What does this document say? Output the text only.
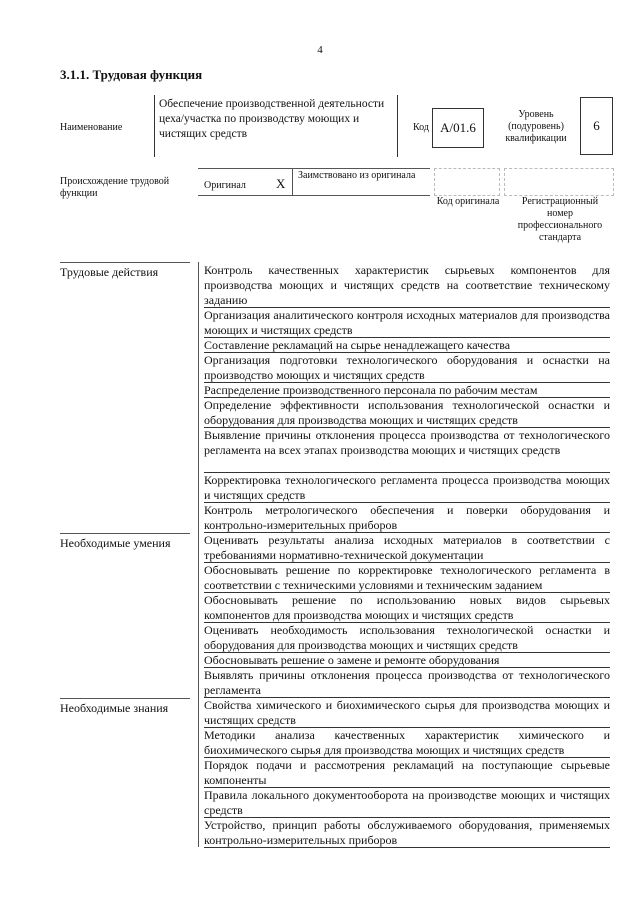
4
3.1.1. Трудовая функция
Наименование
Обеспечение производственной деятельности цеха/участка по производству моющих и чистящих средств
Код А/01.6
Уровень (подуровень) квалификации
6
Происхождение трудовой функции
Оригинал X
Заимствовано из оригинала
Код оригинала	Регистрационный номер профессионального стандарта
Трудовые действия	Контроль качественных характеристик сырьевых компонентов для производства моющих и чистящих средств на соответствие техническому заданию
Организация аналитического контроля исходных материалов для производства моющих и чистящих средств
Составление рекламаций на сырье ненадлежащего качества
Организация подготовки технологического оборудования и оснастки на производство моющих и чистящих средств
Распределение производственного персонала по рабочим местам
Определение эффективности использования технологической оснастки и оборудования для производства моющих и чистящих средств
Выявление причины отклонения процесса производства от технологического регламента на всех этапах производства моющих и чистящих средств
Корректировка технологического регламента процесса производства моющих и чистящих средств
Контроль метрологического обеспечения и поверки оборудования и контрольно-измерительных приборов
Необходимые умения	Оценивать результаты анализа исходных материалов в соответствии с требованиями нормативно-технической документации
Обосновывать решение по корректировке технологического регламента в соответствии с техническими условиями и техническим заданием
Обосновывать решение по использованию новых видов сырьевых компонентов для производства моющих и чистящих средств
Оценивать необходимость использования технологической оснастки и оборудования для производства моющих и чистящих средств
Обосновывать решение о замене и ремонте оборудования
Выявлять причины отклонения процесса производства от технологического регламента
Необходимые знания	Свойства химического и биохимического сырья для производства моющих и чистящих средств
Методики анализа качественных характеристик химического и биохимического сырья для производства моющих и чистящих средств
Порядок подачи и рассмотрения рекламаций на поступающие сырьевые компоненты
Правила локального документооборота на производстве моющих и чистящих средств
Устройство, принцип работы обслуживаемого оборудования, применяемых контрольно-измерительных приборов
